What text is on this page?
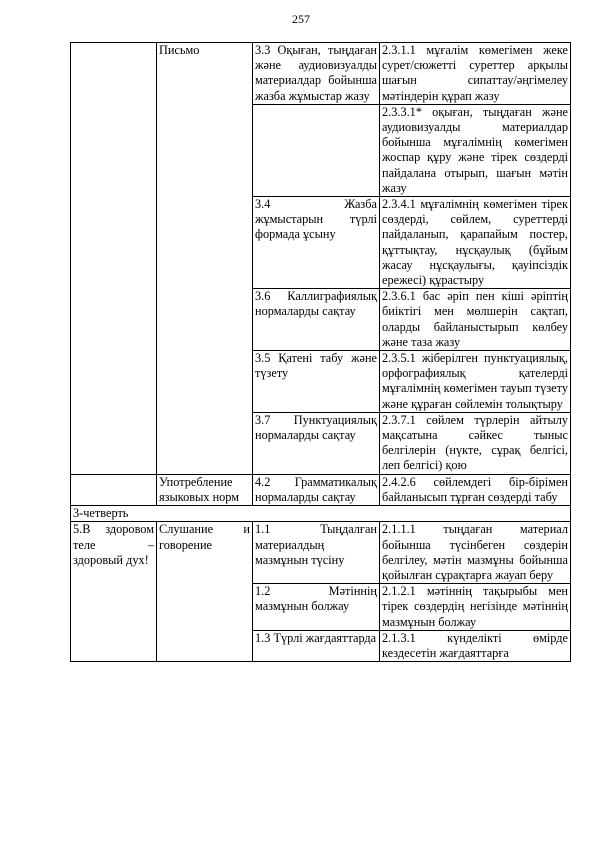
257
	Письмо	3.3 Оқыған, тыңдаған және аудиовизуалды материалдар бойынша жазба жұмыстар жазу	2.3.1.1 мұғалім көмегімен жеке сурет/сюжетті суреттер арқылы шағын сипаттау/әңгімелеу мәтіндерін құрап жазу
			2.3.3.1* оқыған, тыңдаған және аудиовизуалды материалдар бойынша мұғалімнің көмегімен жоспар құру және тірек сөздерді пайдалана отырып, шағын мәтін жазу
		3.4 Жазба жұмыстарын түрлі формада ұсыну	2.3.4.1 мұғалімнің көмегімен тірек сөздерді, сөйлем, суреттерді пайдаланып, қарапайым постер, құттықтау, нұсқаулық (бұйым жасау нұсқаулығы, қауіпсіздік ережесі) құрастыру
		3.6 Каллиграфиялық нормаларды сақтау	2.3.6.1 бас әріп пен кіші әріптің биіктігі мен мөлшерін сақтап, оларды байланыстырып көлбеу және таза жазу
		3.5 Қатені табу және түзету	2.3.5.1 жіберілген пунктуациялық, орфографиялық қателерді мұғалімнің көмегімен тауып түзету және құраған сөйлемін толықтыру
		3.7 Пунктуациялық нормаларды сақтау	2.3.7.1 сөйлем түрлерін айтылу мақсатына сәйкес тыныс белгілерін (нүкте, сұрақ белгісі, леп белгісі) қою
	Употребление языковых норм	4.2 Грамматикалық нормаларды сақтау	2.4.2.6 сөйлемдегі бір-бірімен байланысып тұрған сөздерді табу
3-четверть			
5.В здоровом теле – здоровый дух!	Слушание и говорение	1.1 Тыңдалған материалдың мазмұнын түсіну	2.1.1.1 тыңдаған материал бойынша түсінбеген сөздерін белгілеу, мәтін мазмұны бойынша қойылған сұрақтарға жауап беру
		1.2 Мәтіннің мазмұнын болжау	2.1.2.1 мәтіннің тақырыбы мен тірек сөздердің негізінде мәтіннің мазмұнын болжау
		1.3 Түрлі жағдаяттарда	2.1.3.1 күнделікті өмірде кездесетін жағдаяттарға
